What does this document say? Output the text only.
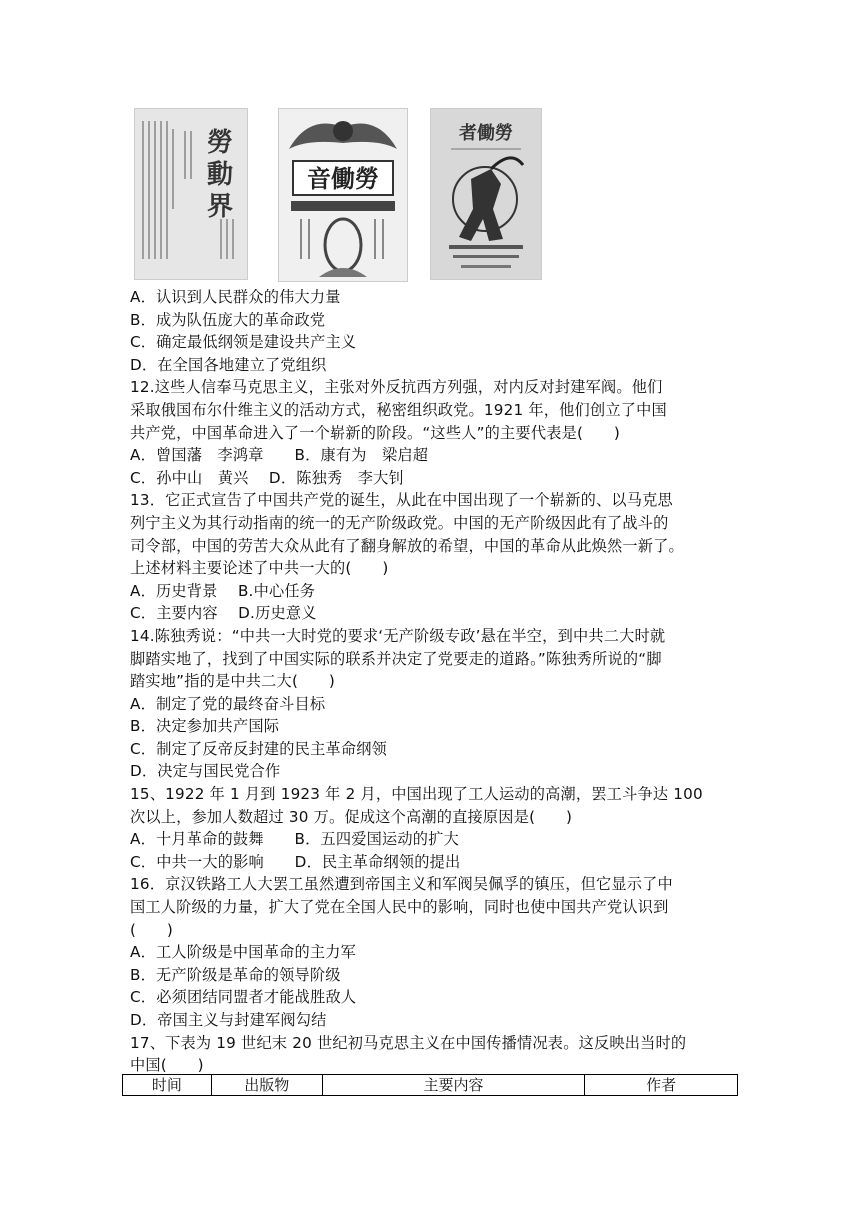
勞
動
界
音働勞
者働勞
A．认识到人民群众的伟大力量
B．成为队伍庞大的革命政党
C．确定最低纲领是建设共产主义
D．在全国各地建立了党组织
12.这些人信奉马克思主义，主张对外反抗西方列强，对内反对封建军阀。他们
采取俄国布尔什维主义的活动方式，秘密组织政党。1921 年，他们创立了中国
共产党，中国革命进入了一个崭新的阶段。“这些人”的主要代表是(　　)
A．曾国藩　李鸿章　　B．康有为　梁启超
C．孙中山　黄兴　 D．陈独秀　李大钊
13．它正式宣告了中国共产党的诞生，从此在中国出现了一个崭新的、以马克思
列宁主义为其行动指南的统一的无产阶级政党。中国的无产阶级因此有了战斗的
司令部，中国的劳苦大众从此有了翻身解放的希望，中国的革命从此焕然一新了。
上述材料主要论述了中共一大的(　　)
A．历史背景　 B.中心任务
C．主要内容　 D.历史意义
14.陈独秀说：“中共一大时党的要求‘无产阶级专政’悬在半空，到中共二大时就
脚踏实地了，找到了中国实际的联系并决定了党要走的道路。”陈独秀所说的“脚
踏实地”指的是中共二大(　　)
A．制定了党的最终奋斗目标
B．决定参加共产国际
C．制定了反帝反封建的民主革命纲领
D．决定与国民党合作
15、1922 年 1 月到 1923 年 2 月，中国出现了工人运动的高潮，罢工斗争达 100
次以上，参加人数超过 30 万。促成这个高潮的直接原因是(　　)
A．十月革命的鼓舞　　B．五四爱国运动的扩大
C．中共一大的影响　　D．民主革命纲领的提出
16．京汉铁路工人大罢工虽然遭到帝国主义和军阀吴佩孚的镇压，但它显示了中
国工人阶级的力量，扩大了党在全国人民中的影响，同时也使中国共产党认识到
(　　)
A．工人阶级是中国革命的主力军
B．无产阶级是革命的领导阶级
C．必须团结同盟者才能战胜敌人
D．帝国主义与封建军阀勾结
17、下表为 19 世纪末 20 世纪初马克思主义在中国传播情况表。这反映出当时的
中国(　　)
时间	出版物	主要内容	作者
